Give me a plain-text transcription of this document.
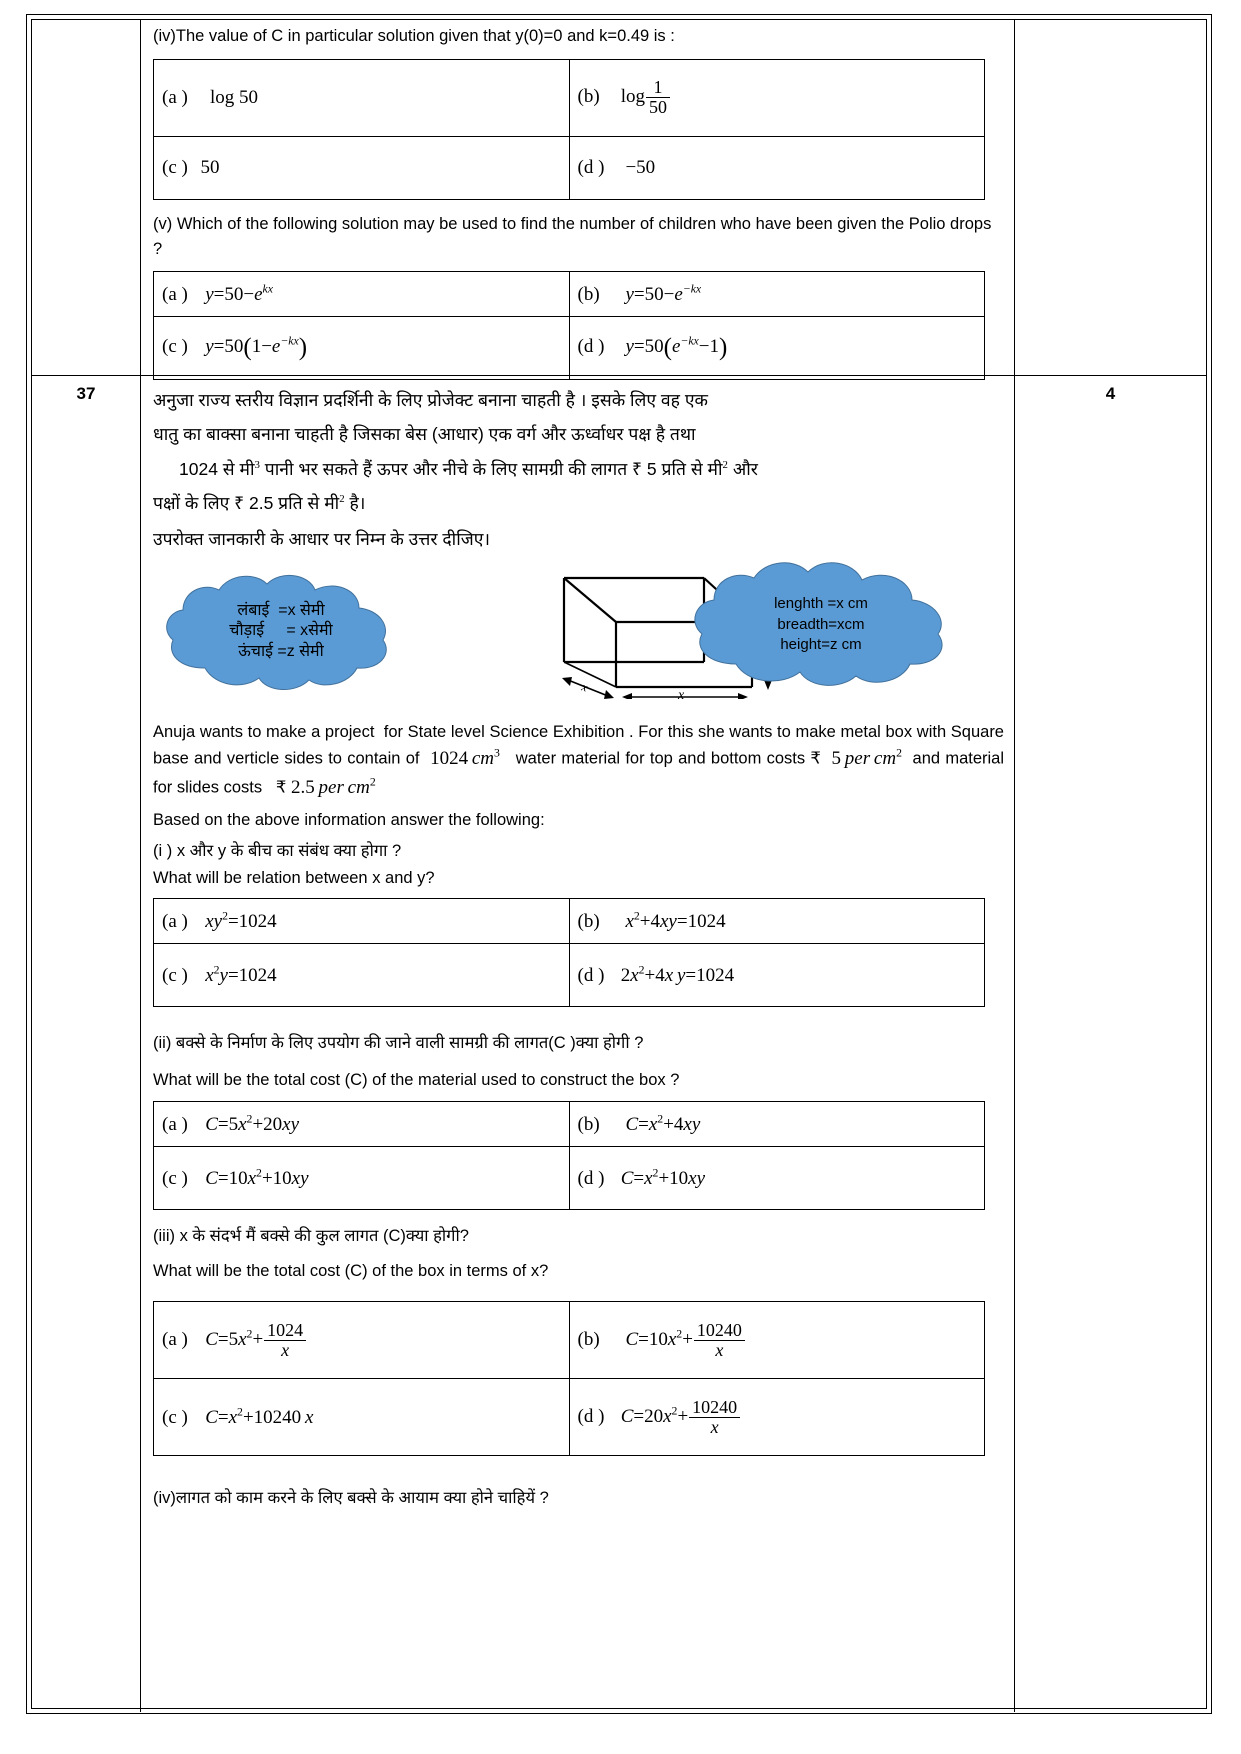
37

(iv)The value of C in particular solution given that y(0)=0 and k=0.49 is :

(a )   log 50	(b)  $\log \frac{1}{50}$

(c ) 50	(d )   −50

(v) Which of the following solution may be used to find the number of children who have been given the Polio drops ?

(a )  $y=50-e^{kx}$	(b)   $y=50-e^{-kx}$
(c )  $y=50(1-e^{-kx})$	(d )   $y=50(e^{-kx}-1)$

अनुजा राज्य स्तरीय विज्ञान प्रदर्शिनी के लिए प्रोजेक्ट बनाना चाहती है । इसके लिए वह एक

धातु का बाक्सा बनाना चाहती है जिसका बेस (आधार) एक वर्ग और ऊर्ध्वाधर पक्ष है तथा

1024 से मी$^3$ पानी भर सकते हैं ऊपर और नीचे के लिए सामग्री की लागत ₹ 5 प्रति से मी$^2$ और

पक्षों के लिए ₹ 2.5 प्रति से मी$^2$ है।

उपरोक्त जानकारी के आधार पर निम्न के उत्तर दीजिए।

लंबाई  =x सेमी
चौड़ाई     = xसेमी
ऊंचाई =z सेमी
x
x
lenghth =x cm
breadth=xcm
height=z cm

Anuja wants to make a project  for State level Science Exhibition . For this she wants to make metal box with Square base and verticle sides to contain of  1024 $cm^3$   water material for top and bottom costs ₹  5 per $cm^2$  and material for slides costs   ₹ 2.5 per $cm^2$

Based on the above information answer the following:

(i ) x और y के बीच का संबंध क्या होगा ?

What will be relation between x and y?

(a )  $xy^2=1024$	(b)   $x^2+4xy=1024$
(c )  $x^2y=1024$	(d ) $2x^2+4x$ y=1024

(ii) बक्से के निर्माण के लिए उपयोग की जाने वाली सामग्री की लागत(C )क्या होगी ?

What will be the total cost (C) of the material used to construct the box ?

(a )  $C=5x^2+20xy$	(b)   $C=x^2+4xy$
(c )  $C=10x^2+10xy$	(d )  $C=x^2+10xy$

(iii) x के संदर्भ मैं बक्से की कुल लागत (C)क्या होगी?

What will be the total cost (C) of the box in terms of x?

(a )  $C=5x^2+ \frac{1024}{x}$	(b)   $C=10x^2+ \frac{10240}{x}$

(c )  $C=x^2+10240$ x	(d )  $C=20x^2+ \frac{10240}{x}$

(iv)लागत को काम करने के लिए बक्से के आयाम क्या होने चाहियें ?

4
